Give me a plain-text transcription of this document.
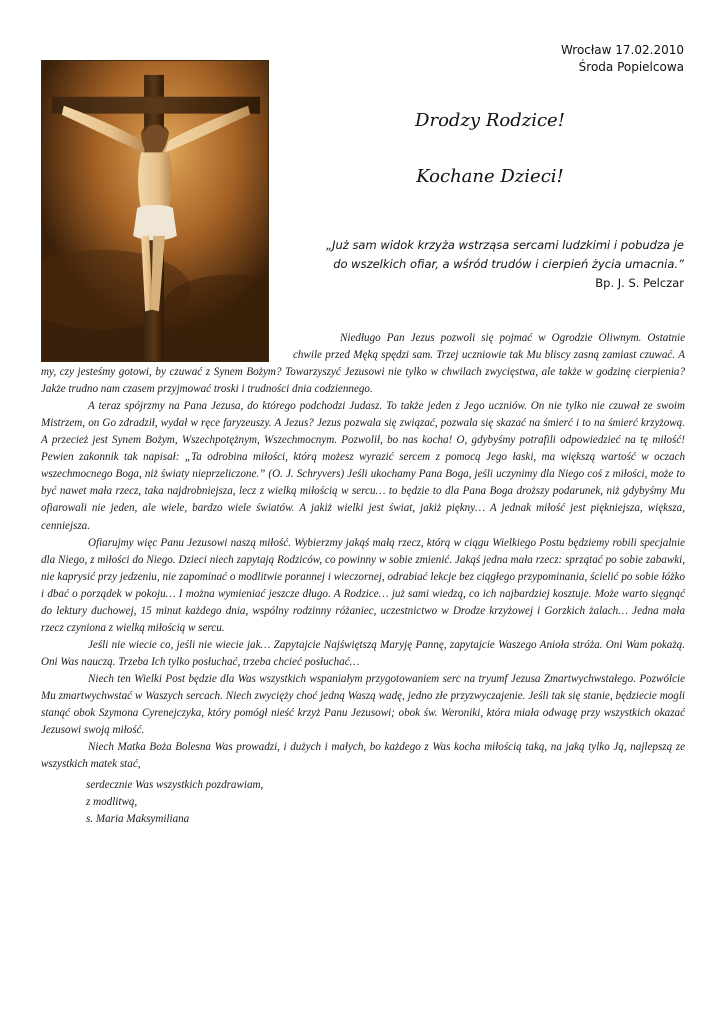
Wrocław 17.02.2010
Środa Popielcowa
Drodzy Rodzice!
Kochane Dzieci!
„Już sam widok krzyża wstrząsa sercami ludzkimi i pobudza je
do wszelkich ofiar, a wśród trudów i cierpień życia umacnia.”
Bp. J. S. Pelczar

Niedługo Pan Jezus pozwoli się pojmać w Ogrodzie Oliwnym. Ostatnie chwile przed Męką spędzi sam. Trzej uczniowie tak Mu bliscy zasną zamiast czuwać. A my, czy jesteśmy gotowi, by czuwać z Synem Bożym? Towarzyszyć Jezusowi nie tylko w chwilach zwycięstwa, ale także w godzinę cierpienia? Jakże trudno nam czasem przyjmować troski i trudności dnia codziennego.

A teraz spójrzmy na Pana Jezusa, do którego podchodzi Judasz. To także jeden z Jego uczniów. On nie tylko nie czuwał ze swoim Mistrzem, on Go zdradził, wydał w ręce faryzeuszy. A Jezus? Jezus pozwala się związać, pozwala się skazać na śmierć i to na śmierć krzyżową. A przecież jest Synem Bożym, Wszechpotężnym, Wszechmocnym. Pozwolił, bo nas kocha! O, gdybyśmy potrafili odpowiedzieć na tę miłość! Pewien zakonnik tak napisał: „Ta odrobina miłości, którą możesz wyrazić sercem z pomocą Jego łaski, ma większą wartość w oczach wszechmocnego Boga, niż światy nieprzeliczone.” (O. J. Schryvers) Jeśli ukochamy Pana Boga, jeśli uczynimy dla Niego coś z miłości, może to być nawet mała rzecz, taka najdrobniejsza, lecz z wielką miłością w sercu… to będzie to dla Pana Boga droższy podarunek, niż gdybyśmy Mu ofiarowali nie jeden, ale wiele, bardzo wiele światów. A jakiż wielki jest świat, jakiż piękny… A jednak miłość jest piękniejsza, większa, cenniejsza.

Ofiarujmy więc Panu Jezusowi naszą miłość. Wybierzmy jakąś małą rzecz, którą w ciągu Wielkiego Postu będziemy robili specjalnie dla Niego, z miłości do Niego. Dzieci niech zapytają Rodziców, co powinny w sobie zmienić. Jakąś jedna mała rzecz: sprzątać po sobie zabawki, nie kaprysić przy jedzeniu, nie zapominać o modlitwie porannej i wieczornej, odrabiać lekcje bez ciągłego przypominania, ścielić po sobie łóżko i dbać o porządek w pokoju… I można wymieniać jeszcze długo. A Rodzice… już sami wiedzą, co ich najbardziej kosztuje. Może warto sięgnąć do lektury duchowej, 15 minut każdego dnia, wspólny rodzinny różaniec, uczestnictwo w Drodze krzyżowej i Gorzkich żalach… Jedna mała rzecz czyniona z wielką miłością w sercu.

Jeśli nie wiecie co, jeśli nie wiecie jak… Zapytajcie Najświętszą Maryję Pannę, zapytajcie Waszego Anioła stróża. Oni Wam pokażą. Oni Was nauczą. Trzeba Ich tylko posłuchać, trzeba chcieć posłuchać…

Niech ten Wielki Post będzie dla Was wszystkich wspaniałym przygotowaniem serc na tryumf Jezusa Zmartwychwstałego. Pozwólcie Mu zmartwychwstać w Waszych sercach. Niech zwycięży choć jedną Waszą wadę, jedno złe przyzwyczajenie. Jeśli tak się stanie, będziecie mogli stanąć obok Szymona Cyrenejczyka, który pomógł nieść krzyż Panu Jezusowi; obok św. Weroniki, która miała odwagę przy wszystkich okazać Jezusowi swoją miłość.

Niech Matka Boża Bolesna Was prowadzi, i dużych i małych, bo każdego z Was kocha miłością taką, na jaką tylko Ją, najlepszą ze wszystkich matek stać,

serdecznie Was wszystkich pozdrawiam,
z modlitwą,
s. Maria Maksymiliana
